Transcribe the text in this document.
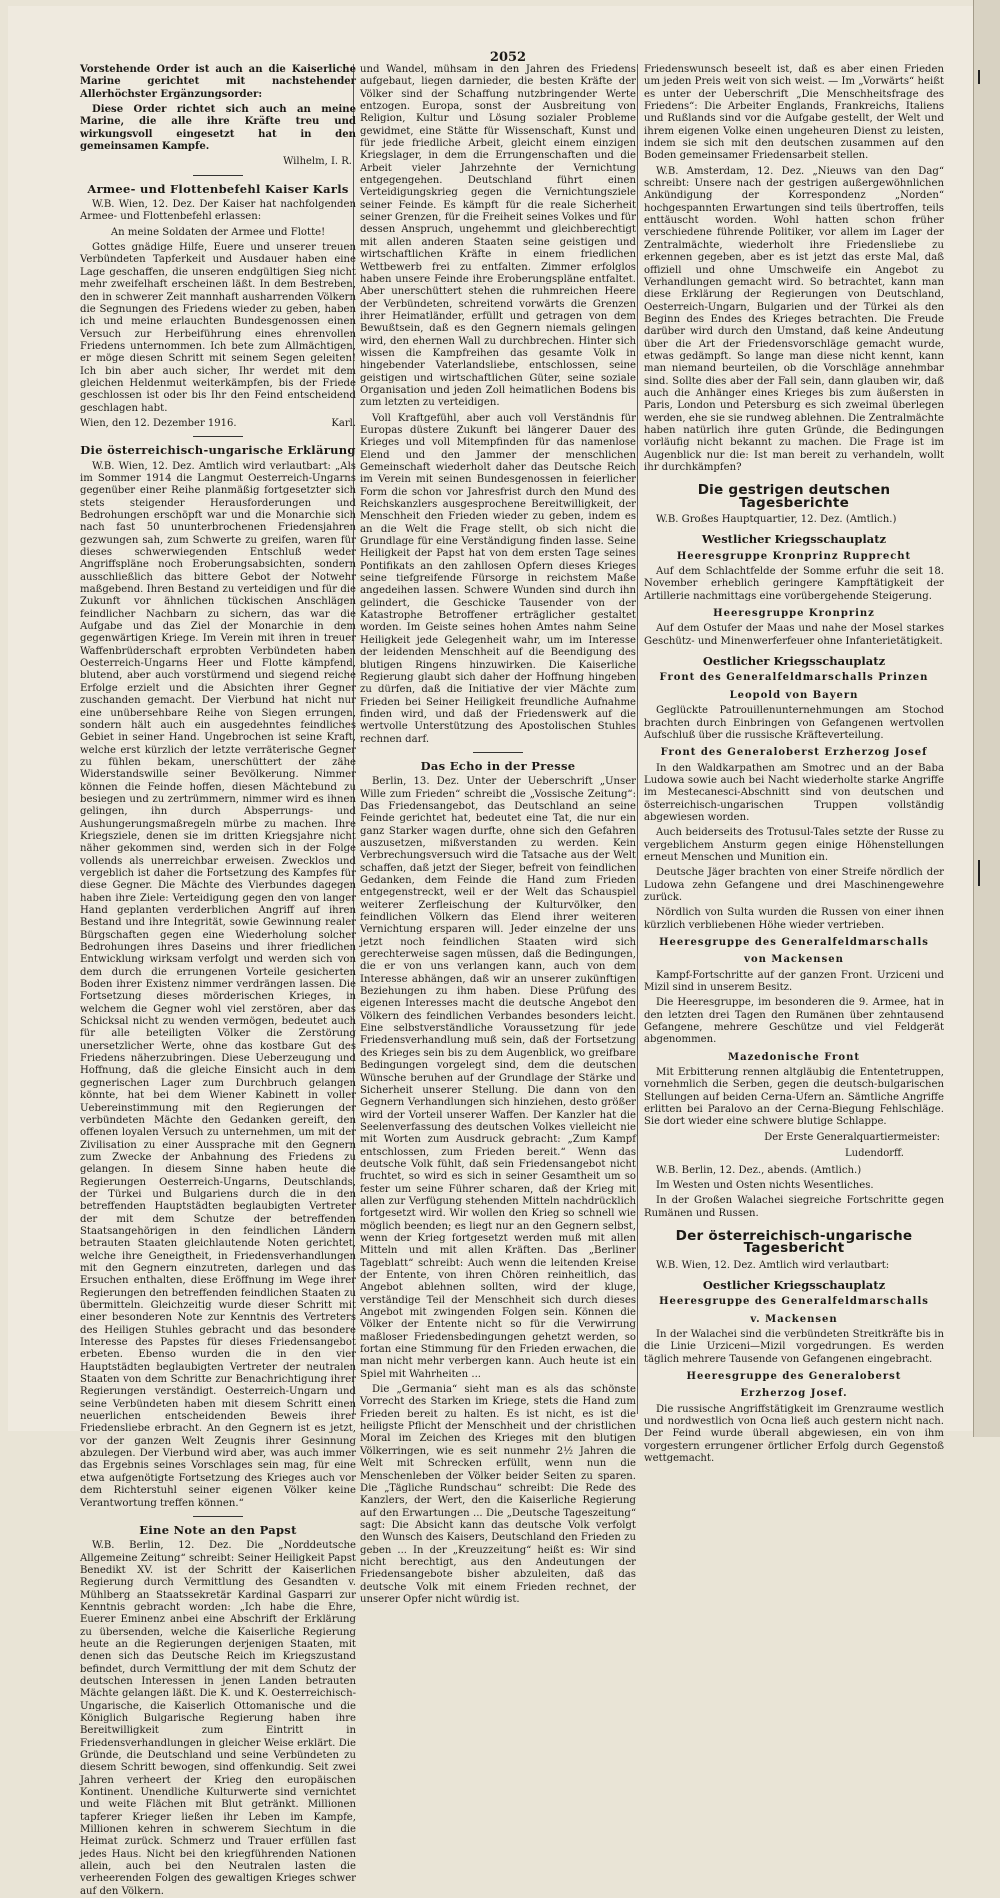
2052

Vorstehende Order ist auch an die Kaiserliche Marine gerichtet mit nachstehender Allerhöchster Ergänzungsorder:

Diese Order richtet sich auch an meine Marine, die alle ihre Kräfte treu und wirkungsvoll eingesetzt hat in den gemeinsamen Kampfe.

Wilhelm, I. R.
Armee- und Flottenbefehl Kaiser Karls

W.B. Wien, 12. Dez. Der Kaiser hat nachfolgenden Armee- und Flottenbefehl erlassen:

An meine Soldaten der Armee und Flotte!

Gottes gnädige Hilfe, Euere und unserer treuen Verbündeten Tapferkeit und Ausdauer haben eine Lage geschaffen, die unseren endgültigen Sieg nicht mehr zweifelhaft erscheinen läßt. In dem Bestreben, den in schwerer Zeit mannhaft ausharrenden Völkern die Segnungen des Friedens wieder zu geben, haben ich und meine erlauchten Bundesgenossen einen Versuch zur Herbeiführung eines ehrenvollen Friedens unternommen. Ich bete zum Allmächtigen, er möge diesen Schritt mit seinem Segen geleiten! Ich bin aber auch sicher, Ihr werdet mit dem gleichen Heldenmut weiterkämpfen, bis der Friede geschlossen ist oder bis Ihr den Feind entscheidend geschlagen habt.

Wien, den 12. Dezember 1916.	Karl.
Die österreichisch-ungarische Erklärung

W.B. Wien, 12. Dez. Amtlich wird verlautbart: „Als im Sommer 1914 die Langmut Oesterreich-Ungarns gegenüber einer Reihe planmäßig fortgesetzter sich stets steigender Herausforderungen und Bedrohungen erschöpft war und die Monarchie sich nach fast 50 ununterbrochenen Friedensjahren gezwungen sah, zum Schwerte zu greifen, waren für dieses schwerwiegenden Entschluß weder Angriffspläne noch Eroberungsabsichten, sondern ausschließlich das bittere Gebot der Notwehr maßgebend. Ihren Bestand zu verteidigen und für die Zukunft vor ähnlichen tückischen Anschlägen feindlicher Nachbarn zu sichern, das war die Aufgabe und das Ziel der Monarchie in dem gegenwärtigen Kriege. Im Verein mit ihren in treuer Waffenbrüderschaft erprobten Verbündeten haben Oesterreich-Ungarns Heer und Flotte kämpfend, blutend, aber auch vorstürmend und siegend reiche Erfolge erzielt und die Absichten ihrer Gegner zuschanden gemacht. Der Vierbund hat nicht nur eine unübersehbare Reihe von Siegen errungen, sondern hält auch ein ausgedehntes feindliches Gebiet in seiner Hand. Ungebrochen ist seine Kraft, welche erst kürzlich der letzte verräterische Gegner zu fühlen bekam, unerschüttert der zähe Widerstandswille seiner Bevölkerung. Nimmer können die Feinde hoffen, diesen Mächtebund zu besiegen und zu zertrümmern, nimmer wird es ihnen gelingen, ihn durch Absperrungs- und Aushungerungsmaßregeln mürbe zu machen. Ihre Kriegsziele, denen sie im dritten Kriegsjahre nicht näher gekommen sind, werden sich in der Folge vollends als unerreichbar erweisen. Zwecklos und vergeblich ist daher die Fortsetzung des Kampfes für diese Gegner. Die Mächte des Vierbundes dagegen haben ihre Ziele: Verteidigung gegen den von langer Hand geplanten verderblichen Angriff auf ihren Bestand und ihre Integrität, sowie Gewinnung realer Bürgschaften gegen eine Wiederholung solcher Bedrohungen ihres Daseins und ihrer friedlichen Entwicklung wirksam verfolgt und werden sich von dem durch die errungenen Vorteile gesicherten Boden ihrer Existenz nimmer verdrängen lassen. Die Fortsetzung dieses mörderischen Krieges, in welchem die Gegner wohl viel zerstören, aber das Schicksal nicht zu wenden vermögen, bedeutet auch für alle beteiligten Völker die Zerstörung unersetzlicher Werte, ohne das kostbare Gut des Friedens näherzubringen. Diese Ueberzeugung und Hoffnung, daß die gleiche Einsicht auch in dem gegnerischen Lager zum Durchbruch gelangen könnte, hat bei dem Wiener Kabinett in voller Uebereinstimmung mit den Regierungen der verbündeten Mächte den Gedanken gereift, den offenen loyalen Versuch zu unternehmen, um mit der Zivilisation zu einer Aussprache mit den Gegnern zum Zwecke der Anbahnung des Friedens zu gelangen. In diesem Sinne haben heute die Regierungen Oesterreich-Ungarns, Deutschlands, der Türkei und Bulgariens durch die in den betreffenden Hauptstädten beglaubigten Vertreter der mit dem Schutze der betreffenden Staatsangehörigen in den feindlichen Ländern betrauten Staaten gleichlautende Noten gerichtet, welche ihre Geneigtheit, in Friedensverhandlungen mit den Gegnern einzutreten, darlegen und das Ersuchen enthalten, diese Eröffnung im Wege ihrer Regierungen den betreffenden feindlichen Staaten zu übermitteln. Gleichzeitig wurde dieser Schritt mit einer besonderen Note zur Kenntnis des Vertreters des Heiligen Stuhles gebracht und das besondere Interesse des Papstes für dieses Friedensangebot erbeten. Ebenso wurden die in den vier Hauptstädten beglaubigten Vertreter der neutralen Staaten von dem Schritte zur Benachrichtigung ihrer Regierungen verständigt. Oesterreich-Ungarn und seine Verbündeten haben mit diesem Schritt einen neuerlichen entscheidenden Beweis ihrer Friedensliebe erbracht. An den Gegnern ist es jetzt, vor der ganzen Welt Zeugnis ihrer Gesinnung abzulegen. Der Vierbund wird aber, was auch immer das Ergebnis seines Vorschlages sein mag, für eine etwa aufgenötigte Fortsetzung des Krieges auch vor dem Richterstuhl seiner eigenen Völker keine Verantwortung treffen können.“

Eine Note an den Papst

W.B. Berlin, 12. Dez. Die „Norddeutsche Allgemeine Zeitung“ schreibt: Seiner Heiligkeit Papst Benedikt XV. ist der Schritt der Kaiserlichen Regierung durch Vermittlung des Gesandten v. Mühlberg an Staatssekretär Kardinal Gasparri zur Kenntnis gebracht worden: „Ich habe die Ehre, Euerer Eminenz anbei eine Abschrift der Erklärung zu übersenden, welche die Kaiserliche Regierung heute an die Regierungen derjenigen Staaten, mit denen sich das Deutsche Reich im Kriegszustand befindet, durch Vermittlung der mit dem Schutz der deutschen Interessen in jenen Landen betrauten Mächte gelangen läßt. Die K. und K. Oesterreichisch-Ungarische, die Kaiserlich Ottomanische und die Königlich Bulgarische Regierung haben ihre Bereitwilligkeit zum Eintritt in Friedensverhandlungen in gleicher Weise erklärt. Die Gründe, die Deutschland und seine Verbündeten zu diesem Schritt bewogen, sind offenkundig. Seit zwei Jahren verheert der Krieg den europäischen Kontinent. Unendliche Kulturwerte sind vernichtet und weite Flächen mit Blut getränkt. Millionen tapferer Krieger ließen ihr Leben im Kampfe, Millionen kehren in schwerem Siechtum in die Heimat zurück. Schmerz und Trauer erfüllen fast jedes Haus. Nicht bei den kriegführenden Nationen allein, auch bei den Neutralen lasten die verheerenden Folgen des gewaltigen Krieges schwer auf den Völkern.

und Wandel, mühsam in den Jahren des Friedens aufgebaut, liegen darnieder, die besten Kräfte der Völker sind der Schaffung nutzbringender Werte entzogen. Europa, sonst der Ausbreitung von Religion, Kultur und Lösung sozialer Probleme gewidmet, eine Stätte für Wissenschaft, Kunst und für jede friedliche Arbeit, gleicht einem einzigen Kriegslager, in dem die Errungenschaften und die Arbeit vieler Jahrzehnte der Vernichtung entgegengehen. Deutschland führt einen Verteidigungskrieg gegen die Vernichtungsziele seiner Feinde. Es kämpft für die reale Sicherheit seiner Grenzen, für die Freiheit seines Volkes und für dessen Anspruch, ungehemmt und gleichberechtigt mit allen anderen Staaten seine geistigen und wirtschaftlichen Kräfte in einem friedlichen Wettbewerb frei zu entfalten. Zimmer erfolglos haben unsere Feinde ihre Eroberungspläne entfaltet. Aber unerschüttert stehen die ruhmreichen Heere der Verbündeten, schreitend vorwärts die Grenzen ihrer Heimatländer, erfüllt und getragen von dem Bewußtsein, daß es den Gegnern niemals gelingen wird, den ehernen Wall zu durchbrechen. Hinter sich wissen die Kampfreihen das gesamte Volk in hingebender Vaterlandsliebe, entschlossen, seine geistigen und wirtschaftlichen Güter, seine soziale Organisation und jeden Zoll heimatlichen Bodens bis zum letzten zu verteidigen.

Voll Kraftgefühl, aber auch voll Verständnis für Europas düstere Zukunft bei längerer Dauer des Krieges und voll Mitempfinden für das namenlose Elend und den Jammer der menschlichen Gemeinschaft wiederholt daher das Deutsche Reich im Verein mit seinen Bundesgenossen in feierlicher Form die schon vor Jahresfrist durch den Mund des Reichskanzlers ausgesprochene Bereitwilligkeit, der Menschheit den Frieden wieder zu geben, indem es an die Welt die Frage stellt, ob sich nicht die Grundlage für eine Verständigung finden lasse. Seine Heiligkeit der Papst hat von dem ersten Tage seines Pontifikats an den zahllosen Opfern dieses Krieges seine tiefgreifende Fürsorge in reichstem Maße angedeihen lassen. Schwere Wunden sind durch ihn gelindert, die Geschicke Tausender von der Katastrophe Betroffener erträglicher gestaltet worden. Im Geiste seines hohen Amtes nahm Seine Heiligkeit jede Gelegenheit wahr, um im Interesse der leidenden Menschheit auf die Beendigung des blutigen Ringens hinzuwirken. Die Kaiserliche Regierung glaubt sich daher der Hoffnung hingeben zu dürfen, daß die Initiative der vier Mächte zum Frieden bei Seiner Heiligkeit freundliche Aufnahme finden wird, und daß der Friedenswerk auf die wertvolle Unterstützung des Apostolischen Stuhles rechnen darf.

Das Echo in der Presse

Berlin, 13. Dez. Unter der Ueberschrift „Unser Wille zum Frieden“ schreibt die „Vossische Zeitung“: Das Friedensangebot, das Deutschland an seine Feinde gerichtet hat, bedeutet eine Tat, die nur ein ganz Starker wagen durfte, ohne sich den Gefahren auszusetzen, mißverstanden zu werden. Kein Verbrechungsversuch wird die Tatsache aus der Welt schaffen, daß jetzt der Sieger, befreit von feindlichen Gedanken, dem Feinde die Hand zum Frieden entgegenstreckt, weil er der Welt das Schauspiel weiterer Zerfleischung der Kulturvölker, den feindlichen Völkern das Elend ihrer weiteren Vernichtung ersparen will. Jeder einzelne der uns jetzt noch feindlichen Staaten wird sich gerechterweise sagen müssen, daß die Bedingungen, die er von uns verlangen kann, auch von dem Interesse abhängen, daß wir an unserer zukünftigen Beziehungen zu ihm haben. Diese Prüfung des eigenen Interesses macht die deutsche Angebot den Völkern des feindlichen Verbandes besonders leicht. Eine selbstverständliche Voraussetzung für jede Friedensverhandlung muß sein, daß der Fortsetzung des Krieges sein bis zu dem Augenblick, wo greifbare Bedingungen vorgelegt sind, dem die deutschen Wünsche beruhen auf der Grundlage der Stärke und Sicherheit unserer Stellung. Die dann von den Gegnern Verhandlungen sich hinziehen, desto größer wird der Vorteil unserer Waffen. Der Kanzler hat die Seelenverfassung des deutschen Volkes vielleicht nie mit Worten zum Ausdruck gebracht: „Zum Kampf entschlossen, zum Frieden bereit.“ Wenn das deutsche Volk fühlt, daß sein Friedensangebot nicht fruchtet, so wird es sich in seiner Gesamtheit um so fester um seine Führer scharen, daß der Krieg mit allen zur Verfügung stehenden Mitteln nachdrücklich fortgesetzt wird. Wir wollen den Krieg so schnell wie möglich beenden; es liegt nur an den Gegnern selbst, wenn der Krieg fortgesetzt werden muß mit allen Mitteln und mit allen Kräften. Das „Berliner Tageblatt“ schreibt: Auch wenn die leitenden Kreise der Entente, von ihren Chören reinheitlich, das Angebot ablehnen sollten, wird der kluge, verständige Teil der Menschheit sich durch dieses Angebot mit zwingenden Folgen sein. Können die Völker der Entente nicht so für die Verwirrung maßloser Friedensbedingungen gehetzt werden, so fortan eine Stimmung für den Frieden erwachen, die man nicht mehr verbergen kann. Auch heute ist ein Spiel mit Wahrheiten ...

Die „Germania“ sieht man es als das schönste Vorrecht des Starken im Kriege, stets die Hand zum Frieden bereit zu halten. Es ist nicht, es ist die heiligste Pflicht der Menschheit und der christlichen Moral im Zeichen des Krieges mit den blutigen Völkerringen, wie es seit nunmehr 2½ Jahren die Welt mit Schrecken erfüllt, wenn nun die Menschenleben der Völker beider Seiten zu sparen. Die „Tägliche Rundschau“ schreibt: Die Rede des Kanzlers, der Wert, den die Kaiserliche Regierung auf den Erwartungen ... Die „Deutsche Tageszeitung“ sagt: Die Absicht kann das deutsche Volk verfolgt den Wunsch des Kaisers, Deutschland den Frieden zu geben ... In der „Kreuzzeitung“ heißt es: Wir sind nicht berechtigt, aus den Andeutungen der Friedensangebote bisher abzuleiten, daß das deutsche Volk mit einem Frieden rechnet, der unserer Opfer nicht würdig ist.

Friedenswunsch beseelt ist, daß es aber einen Frieden um jeden Preis weit von sich weist. — Im „Vorwärts“ heißt es unter der Ueberschrift „Die Menschheitsfrage des Friedens“: Die Arbeiter Englands, Frankreichs, Italiens und Rußlands sind vor die Aufgabe gestellt, der Welt und ihrem eigenen Volke einen ungeheuren Dienst zu leisten, indem sie sich mit den deutschen zusammen auf den Boden gemeinsamer Friedensarbeit stellen.

W.B. Amsterdam, 12. Dez. „Nieuws van den Dag“ schreibt: Unsere nach der gestrigen außergewöhnlichen Ankündigung der Korrespondenz „Norden“ hochgespannten Erwartungen sind teils übertroffen, teils enttäuscht worden. Wohl hatten schon früher verschiedene führende Politiker, vor allem im Lager der Zentralmächte, wiederholt ihre Friedensliebe zu erkennen gegeben, aber es ist jetzt das erste Mal, daß offiziell und ohne Umschweife ein Angebot zu Verhandlungen gemacht wird. So betrachtet, kann man diese Erklärung der Regierungen von Deutschland, Oesterreich-Ungarn, Bulgarien und der Türkei als den Beginn des Endes des Krieges betrachten. Die Freude darüber wird durch den Umstand, daß keine Andeutung über die Art der Friedensvorschläge gemacht wurde, etwas gedämpft. So lange man diese nicht kennt, kann man niemand beurteilen, ob die Vorschläge annehmbar sind. Sollte dies aber der Fall sein, dann glauben wir, daß auch die Anhänger eines Krieges bis zum äußersten in Paris, London und Petersburg es sich zweimal überlegen werden, ehe sie sie rundweg ablehnen. Die Zentralmächte haben natürlich ihre guten Gründe, die Bedingungen vorläufig nicht bekannt zu machen. Die Frage ist im Augenblick nur die: Ist man bereit zu verhandeln, wollt ihr durchkämpfen?

Die gestrigen deutschen Tagesberichte

W.B. Großes Hauptquartier, 12. Dez. (Amtlich.)

Westlicher Kriegsschauplatz
Heeresgruppe Kronprinz Rupprecht

Auf dem Schlachtfelde der Somme erfuhr die seit 18. November erheblich geringere Kampftätigkeit der Artillerie nachmittags eine vorübergehende Steigerung.

Heeresgruppe Kronprinz

Auf dem Ostufer der Maas und nahe der Mosel starkes Geschütz- und Minenwerferfeuer ohne Infanterietätigkeit.

Oestlicher Kriegsschauplatz
Front des Generalfeldmarschalls Prinzen
Leopold von Bayern

Geglückte Patrouillenunternehmungen am Stochod brachten durch Einbringen von Gefangenen wertvollen Aufschluß über die russische Kräfteverteilung.

Front des Generaloberst Erzherzog Josef

In den Waldkarpathen am Smotrec und an der Baba Ludowa sowie auch bei Nacht wiederholte starke Angriffe im Mestecanesci-Abschnitt sind von deutschen und österreichisch-ungarischen Truppen vollständig abgewiesen worden.

Auch beiderseits des Trotusul-Tales setzte der Russe zu vergeblichem Ansturm gegen einige Höhenstellungen erneut Menschen und Munition ein.

Deutsche Jäger brachten von einer Streife nördlich der Ludowa zehn Gefangene und drei Maschinengewehre zurück.

Nördlich von Sulta wurden die Russen von einer ihnen kürzlich verbliebenen Höhe wieder vertrieben.

Heeresgruppe des Generalfeldmarschalls
von Mackensen

Kampf-Fortschritte auf der ganzen Front. Urziceni und Mizil sind in unserem Besitz.

Die Heeresgruppe, im besonderen die 9. Armee, hat in den letzten drei Tagen den Rumänen über zehntausend Gefangene, mehrere Geschütze und viel Feldgerät abgenommen.

Mazedonische Front

Mit Erbitterung rennen altgläubig die Ententetruppen, vornehmlich die Serben, gegen die deutsch-bulgarischen Stellungen auf beiden Cerna-Ufern an. Sämtliche Angriffe erlitten bei Paralovo an der Cerna-Biegung Fehlschläge. Sie dort wieder eine schwere blutige Schlappe.

Der Erste Generalquartiermeister:
Ludendorff.

W.B. Berlin, 12. Dez., abends. (Amtlich.)

Im Westen und Osten nichts Wesentliches.

In der Großen Walachei siegreiche Fortschritte gegen Rumänen und Russen.

Der österreichisch-ungarische Tagesbericht

W.B. Wien, 12. Dez. Amtlich wird verlautbart:

Oestlicher Kriegsschauplatz
Heeresgruppe des Generalfeldmarschalls
v. Mackensen

In der Walachei sind die verbündeten Streitkräfte bis in die Linie Urziceni—Mizil vorgedrungen. Es werden täglich mehrere Tausende von Gefangenen eingebracht.

Heeresgruppe des Generaloberst
Erzherzog Josef.

Die russische Angriffstätigkeit im Grenzraume westlich und nordwestlich von Ocna ließ auch gestern nicht nach. Der Feind wurde überall abgewiesen, ein von ihm vorgestern errungener örtlicher Erfolg durch Gegenstoß wettgemacht.
